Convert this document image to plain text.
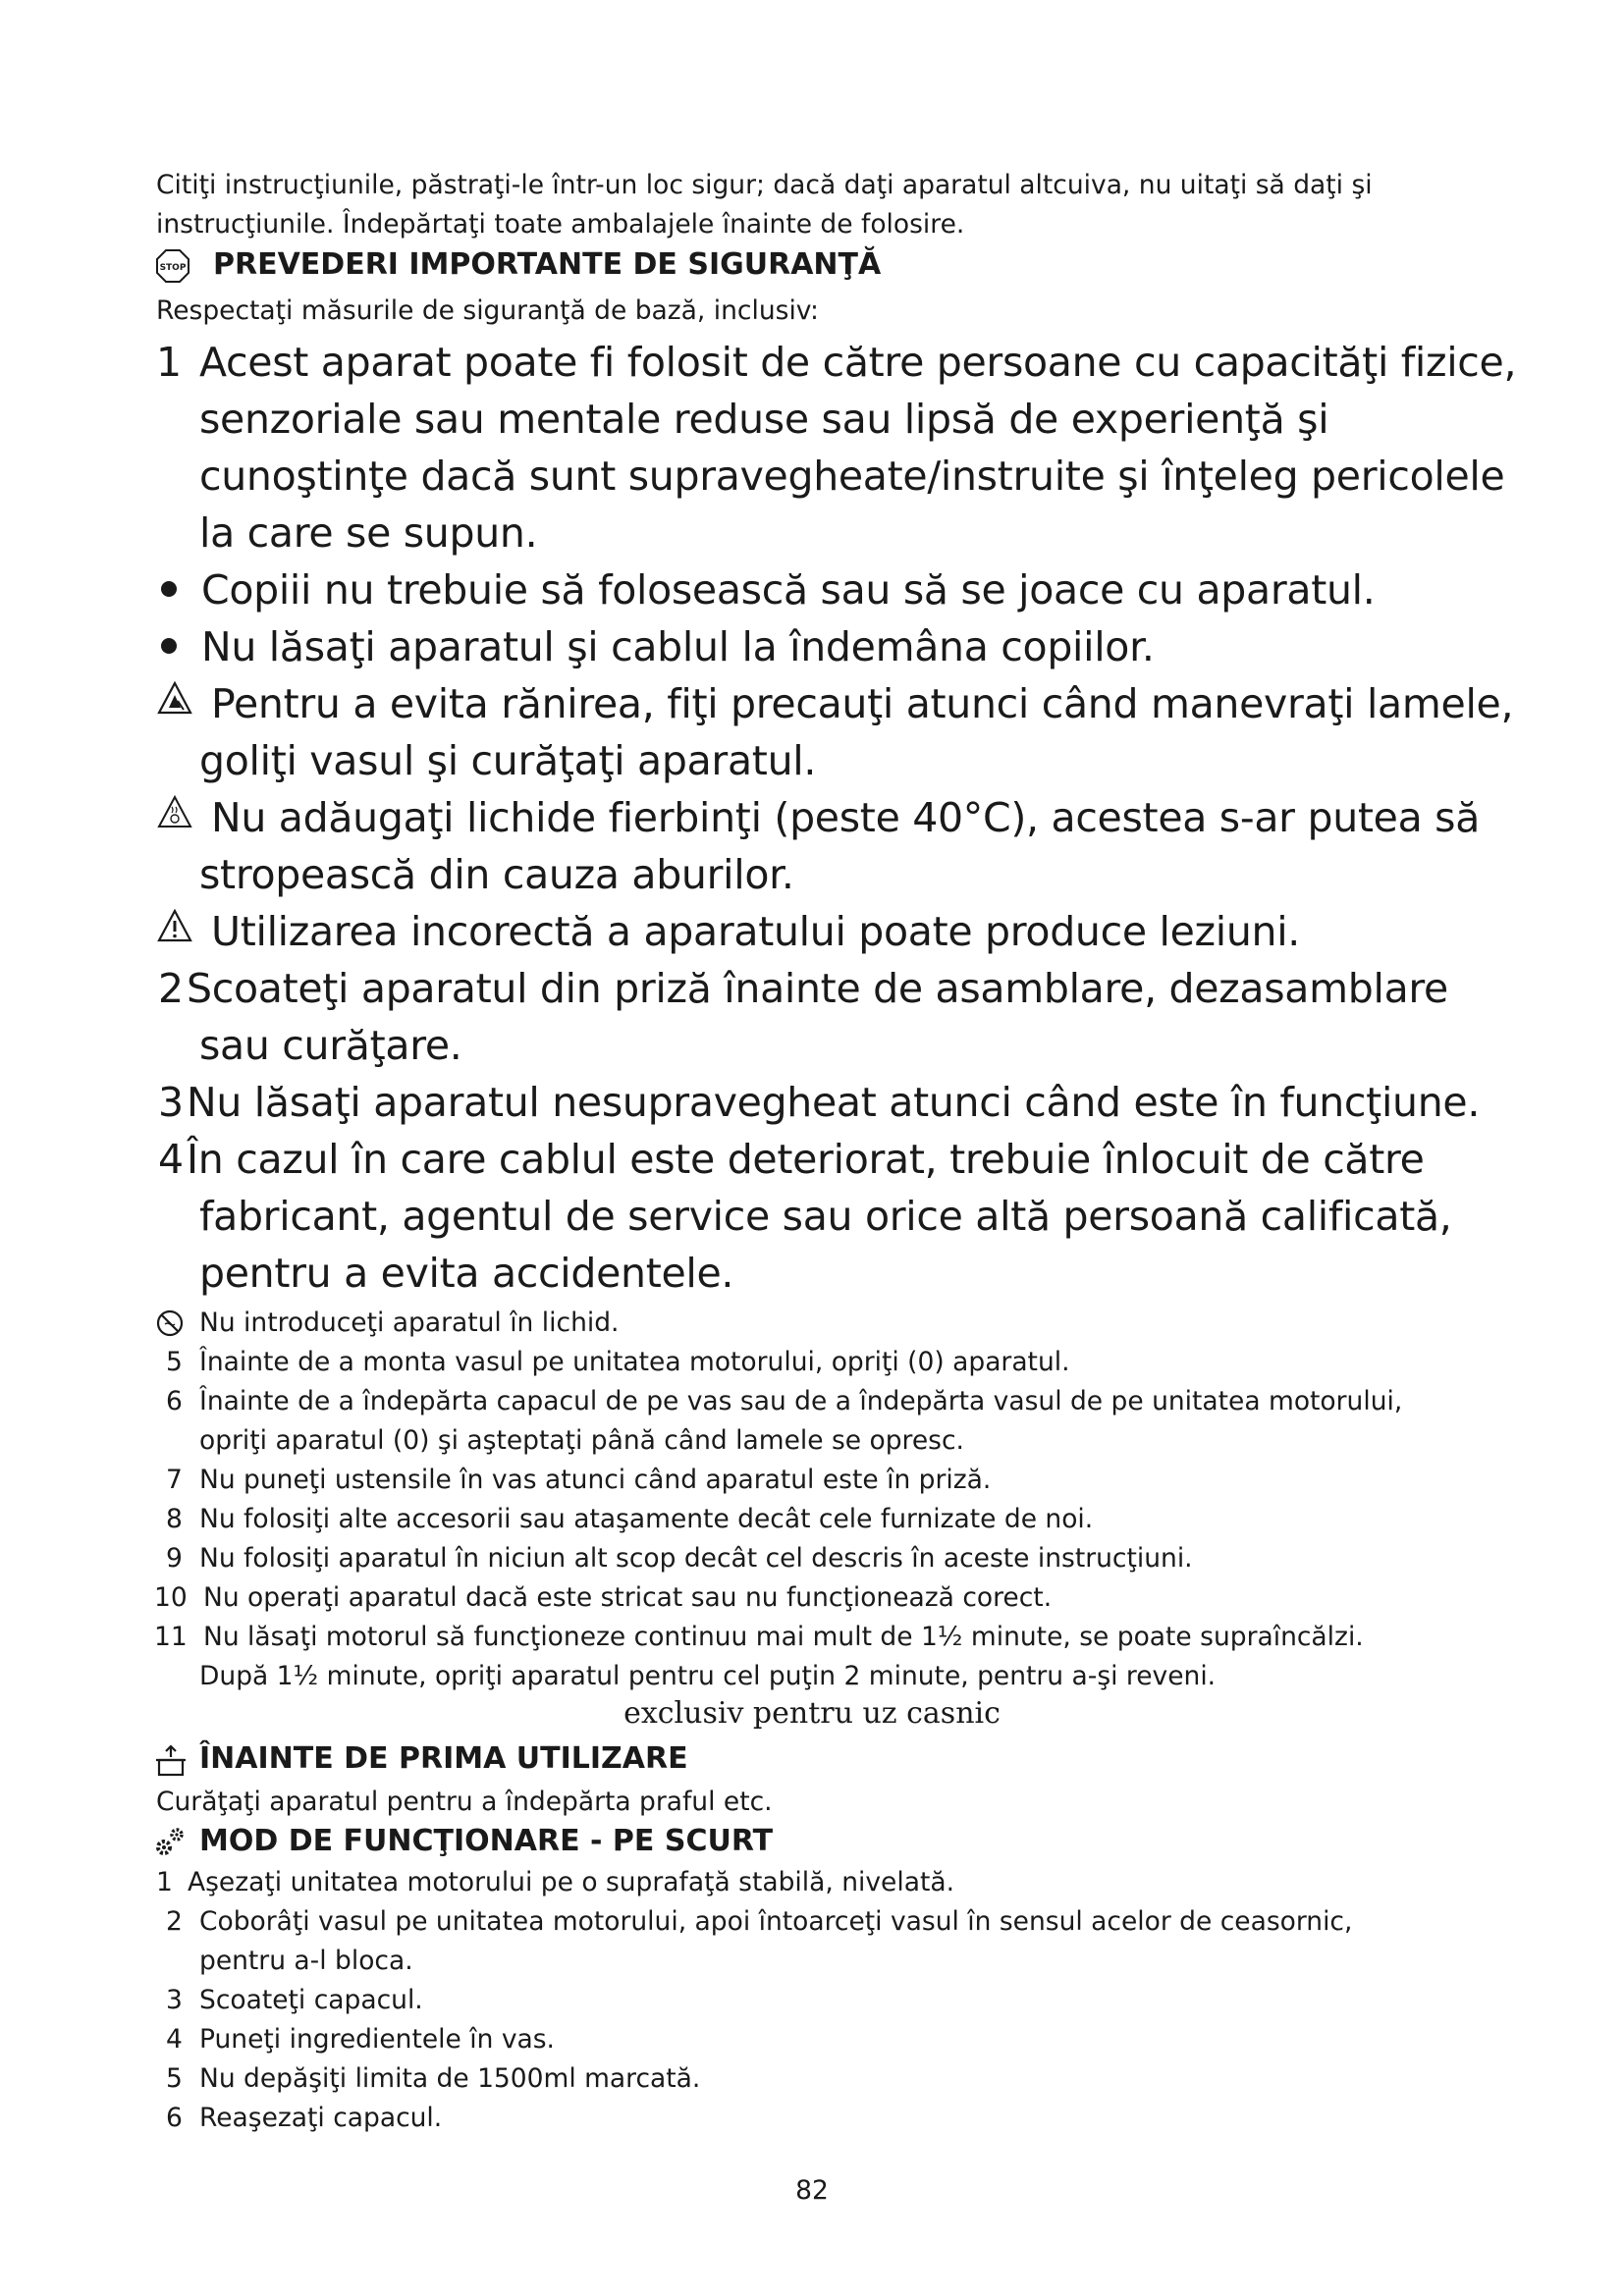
Citiţi instrucţiunile, păstraţi-le într-un loc sigur; dacă daţi aparatul altcuiva, nu uitaţi să daţi şi
instrucţiunile. Îndepărtaţi toate ambalajele înainte de folosire.
STOP PREVEDERI IMPORTANTE DE SIGURANŢĂ
Respectaţi măsurile de siguranţă de bază, inclusiv:
1 Acest aparat poate fi folosit de către persoane cu capacităţi fizice,
senzoriale sau mentale reduse sau lipsă de experienţă şi
cunoştinţe dacă sunt supravegheate/instruite şi înţeleg pericolele
la care se supun.
Copiii nu trebuie să folosească sau să se joace cu aparatul.
Nu lăsaţi aparatul şi cablul la îndemâna copiilor.
Pentru a evita rănirea, fiţi precauţi atunci când manevraţi lamele,
goliţi vasul şi curăţaţi aparatul.
Nu adăugaţi lichide fierbinţi (peste 40°C), acestea s-ar putea să
stropească din cauza aburilor.
Utilizarea incorectă a aparatului poate produce leziuni.
2 Scoateţi aparatul din priză înainte de asamblare, dezasamblare
sau curăţare.
3 Nu lăsaţi aparatul nesupravegheat atunci când este în funcţiune.
4 În cazul în care cablul este deteriorat, trebuie înlocuit de către
fabricant, agentul de service sau orice altă persoană calificată,
pentru a evita accidentele.
Nu introduceţi aparatul în lichid.
5 Înainte de a monta vasul pe unitatea motorului, opriţi (0) aparatul.
6 Înainte de a îndepărta capacul de pe vas sau de a îndepărta vasul de pe unitatea motorului,
opriţi aparatul (0) şi aşteptaţi până când lamele se opresc.
7 Nu puneţi ustensile în vas atunci când aparatul este în priză.
8 Nu folosiţi alte accesorii sau ataşamente decât cele furnizate de noi.
9 Nu folosiţi aparatul în niciun alt scop decât cel descris în aceste instrucţiuni.
10 Nu operaţi aparatul dacă este stricat sau nu funcţionează corect.
11 Nu lăsaţi motorul să funcţioneze continuu mai mult de 1½ minute, se poate supraîncălzi.
După 1½ minute, opriţi aparatul pentru cel puţin 2 minute, pentru a-şi reveni.
exclusiv pentru uz casnic
ÎNAINTE DE PRIMA UTILIZARE
Curăţaţi aparatul pentru a îndepărta praful etc.
MOD DE FUNCŢIONARE - PE SCURT
1 Aşezaţi unitatea motorului pe o suprafaţă stabilă, nivelată.
2 Coborâţi vasul pe unitatea motorului, apoi întoarceţi vasul în sensul acelor de ceasornic,
pentru a-l bloca.
3 Scoateţi capacul.
4 Puneţi ingredientele în vas.
5 Nu depăşiţi limita de 1500ml marcată.
6 Reaşezaţi capacul.
82
